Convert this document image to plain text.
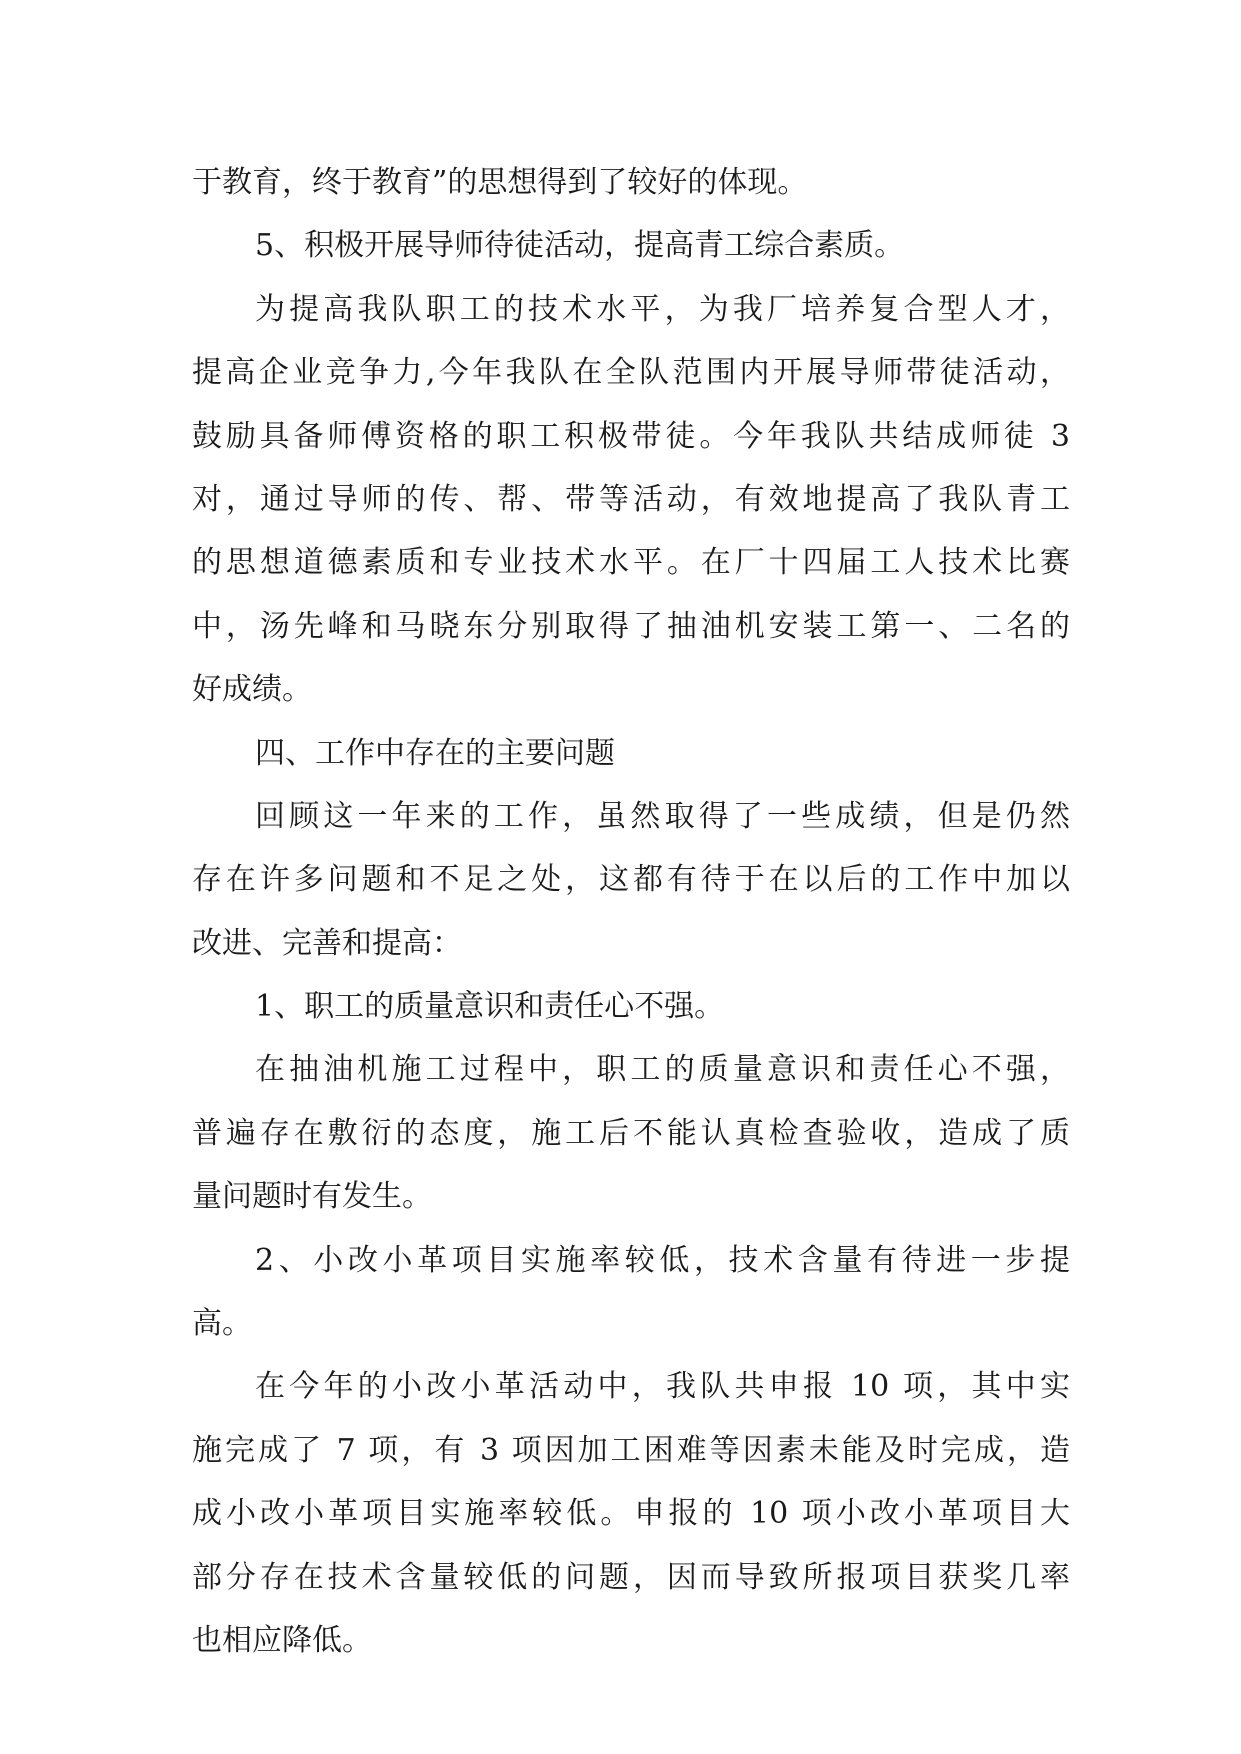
于教育，终于教育”的思想得到了较好的体现。
5、积极开展导师待徒活动，提高青工综合素质。
为提高我队职工的技术水平，为我厂培养复合型人才，
提高企业竞争力,今年我队在全队范围内开展导师带徒活动，
鼓励具备师傅资格的职工积极带徒。今年我队共结成师徒 3
对，通过导师的传、帮、带等活动，有效地提高了我队青工
的思想道德素质和专业技术水平。在厂十四届工人技术比赛
中，汤先峰和马晓东分别取得了抽油机安装工第一、二名的
好成绩。
四、工作中存在的主要问题
回顾这一年来的工作，虽然取得了一些成绩，但是仍然
存在许多问题和不足之处，这都有待于在以后的工作中加以
改进、完善和提高：
1、职工的质量意识和责任心不强。
在抽油机施工过程中，职工的质量意识和责任心不强，
普遍存在敷衍的态度，施工后不能认真检查验收，造成了质
量问题时有发生。
2、小改小革项目实施率较低，技术含量有待进一步提
高。
在今年的小改小革活动中，我队共申报 10 项，其中实
施完成了 7 项，有 3 项因加工困难等因素未能及时完成，造
成小改小革项目实施率较低。申报的 10 项小改小革项目大
部分存在技术含量较低的问题，因而导致所报项目获奖几率
也相应降低。
